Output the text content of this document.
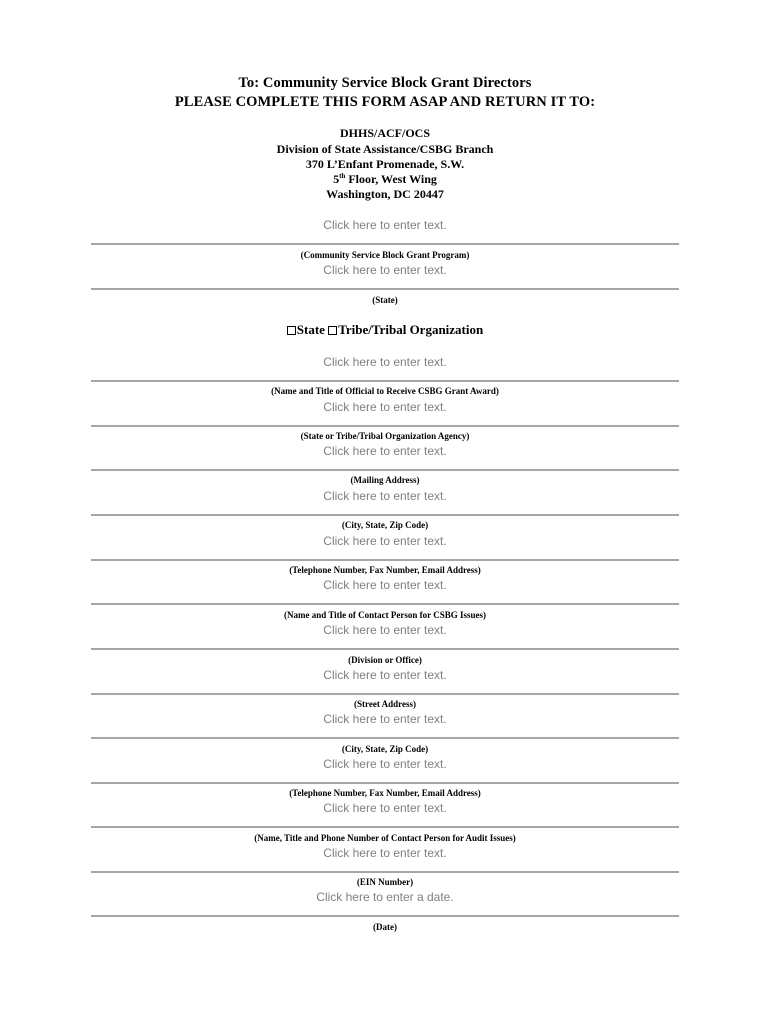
To: Community Service Block Grant Directors
PLEASE COMPLETE THIS FORM ASAP AND RETURN IT TO:
DHHS/ACF/OCS
Division of State Assistance/CSBG Branch
370 L’Enfant Promenade, S.W.
5th Floor, West Wing
Washington, DC 20447
Click here to enter text.
(Community Service Block Grant Program)
Click here to enter text.
(State)
State Tribe/Tribal Organization
Click here to enter text.
(Name and Title of Official to Receive CSBG Grant Award)
Click here to enter text.
(State or Tribe/Tribal Organization Agency)
Click here to enter text.
(Mailing Address)
Click here to enter text.
(City, State, Zip Code)
Click here to enter text.
(Telephone Number, Fax Number, Email Address)
Click here to enter text.
(Name and Title of Contact Person for CSBG Issues)
Click here to enter text.
(Division or Office)
Click here to enter text.
(Street Address)
Click here to enter text.
(City, State, Zip Code)
Click here to enter text.
(Telephone Number, Fax Number, Email Address)
Click here to enter text.
(Name, Title and Phone Number of Contact Person for Audit Issues)
Click here to enter text.
(EIN Number)
Click here to enter a date.
(Date)
